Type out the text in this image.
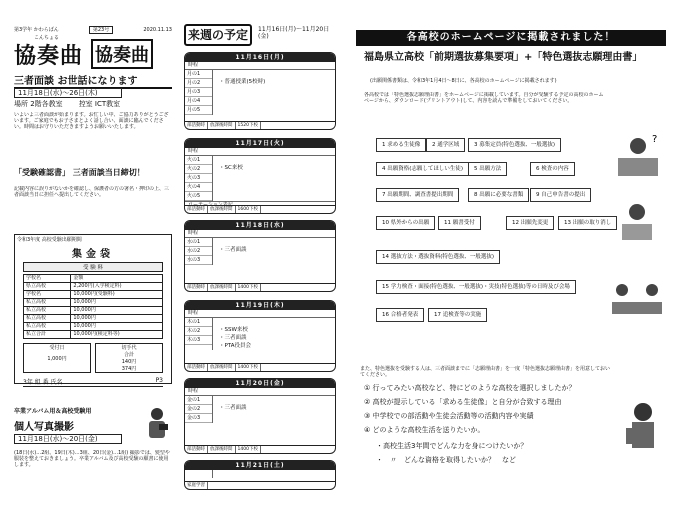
第3学年 かわらばん	第23号	2020.11.13
こんちょる
協奏曲 協奏曲
三者面談 お世話になります
11月18日(水)～26日(木)
場所 2階各教室 控室 ICT教室
いよいよ三者面談が始まります。お忙しい中、ご協力ありがとうございます。ご家庭でもお子さまとよく話し合い、面談に臨んでください。時間はお守りいただきますようお願いいたします。
「受験確認書」 三者面談当日締切！
記載内容に誤りがないかを確認し、保護者の方の署名・押印の上、三者面談当日に担任へ提出してください。
令和3年度 高校受験出願期間
集金袋
受 験 料
学校名	金額
県立高校	2,200円(入学検定料)
学校名	10,000円(受験料)
私立高校	10,000円
私立高校	10,000円
私立高校	10,000円
私立高校	10,000円
私立合計	10,000円(検定料等)
受付日
1,000円
切手代
合計
140円
374円
3年 組 番 氏名	P3
卒業アルバム用＆高校受験用
個人写真撮影
11月18日(水)～20日(金)
(18日(水)…2組、19日(木)…3組、20日(金)…1組) 撮影では、髪型や服装を整えておきましょう。卒業アルバム及び高校受験の願書に使用します。
来週の予定	11月16日(月)～11月20日(金)
11月16日(月)
時程
月の1
月の2
月の3
月の4
月の5
・普通授業(5校時)
部活動時	放課後時間	1520下校
11月17日(火)
時程
火の1
火の2
火の3
火の4
火の5
・SC来校
ローテーション表記
部活動時	放課後時間	1600下校
11月18日(水)
時程
水の1
水の2
水の3
・三者面談
部活動時	放課後時間	1400下校
11月19日(木)
時程
木の1
木の2
木の3
・SSW来校
・三者面談
・PTA役員会
部活動時	放課後時間	1400下校
11月20日(金)
時程
金の1
金の2
金の3
・三者面談
部活動時	放課後時間	1400下校
11月21日(土)
家庭学習
各高校のホームページに掲載されました！
福島県立高校「前期選抜募集要項」+「特色選抜志願理由書」
(出願関係書類は、令和3年1月4日～8日に、各高校のホームページに掲載されます)
各高校では「特色選抜志願理由書」をホームページに掲載しています。自分が受験する予定の高校のホームページから、ダウンロード(プリントアウト)して、内容を読んで準備をしておいてください。
?
1 求める生徒像	2 通学区域	3 募集定員(特色選抜、一般選抜)
4 出願資格(志願してほしい生徒)	5 出願方法	6 検査の内容
7 出願期間、調査書提出期間	8 出願に必要な書類	9 自己申告書の提出
10 県外からの出願	11 願書受付	12 出願先変更	13 出願の取り消し
14 選抜方法・選抜資料(特色選抜、一般選抜)
15 学力検査・面接(特色選抜、一般選抜)・実技(特色選抜)等の日時及び会場
16 合格者発表	17 追検査等の実施
また、特色選抜を受験する人は、三者面談までに「志願理由書」を一度「特色選抜志願理由書」を用意しておいてください。
① 行ってみたい高校など、特にどのような高校を選択しましたか？
② 高校が提示している「求める生徒像」と自分が合致する理由
③ 中学校での部活動や生徒会活動等の活動内容や実績
④ どのような高校生活を送りたいか。
・高校生活3年間でどんな力を身につけたいか？
・　〃　どんな資格を取得したいか？　など
